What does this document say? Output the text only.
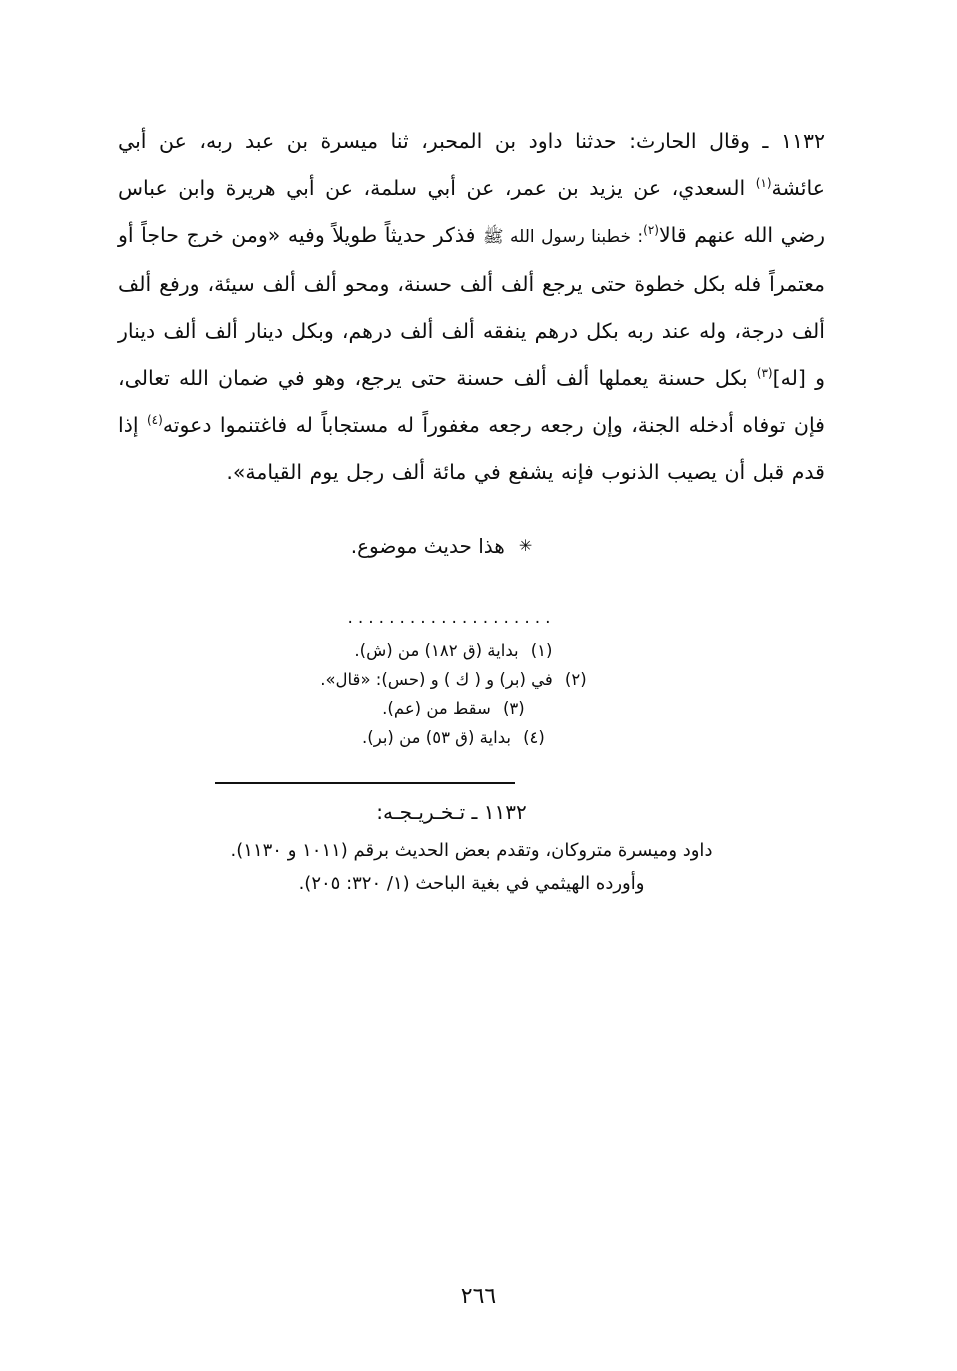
١١٣٢ ـ وقال الحارث: حدثنا داود بن المحبر، ثنا ميسرة بن عبد ربه، عن أبي عائشة$^{(١)}$ السعدي، عن يزيد بن عمر، عن أبي سلمة، عن أبي هريرة وابن عباس رضي الله عنهم قالا$^{(٢)}$: خطبنا رسول الله ﷺ فذكر حديثاً طويلاً وفيه «ومن خرج حاجاً أو معتمراً فله بكل خطوة حتى يرجع ألف ألف حسنة، ومحو ألف ألف سيئة، ورفع ألف ألف درجة، وله عند ربه بكل درهم ينفقه ألف ألف درهم، وبكل دينار ألف ألف دينار و [له]$^{(٣)}$ بكل حسنة يعملها ألف ألف حسنة حتى يرجع، وهو في ضمان الله تعالى، فإن توفاه أدخله الجنة، وإن رجعه رجعه مغفوراً له مستجاباً له فاغتنموا دعوته$^{(٤)}$ إذا قدم قبل أن يصيب الذنوب فإنه يشفع في مائة ألف رجل يوم القيامة».

✳هذا حديث موضوع.
....................
(١)بداية (ق ١٨٢) من (ش).
(٢)في (بر) و ( ك ) و (حس): «قال».
(٣)سقط من (عم).
(٤)بداية (ق ٥٣) من (بر).
١١٣٢ ـ تـخـريـجـه:
داود وميسرة متروكان، وتقدم بعض الحديث برقم (١٠١١ و ١١٣٠).
وأورده الهيثمي في بغية الباحث (١/ ٣٢٠: ٢٠٥).
٢٦٦
